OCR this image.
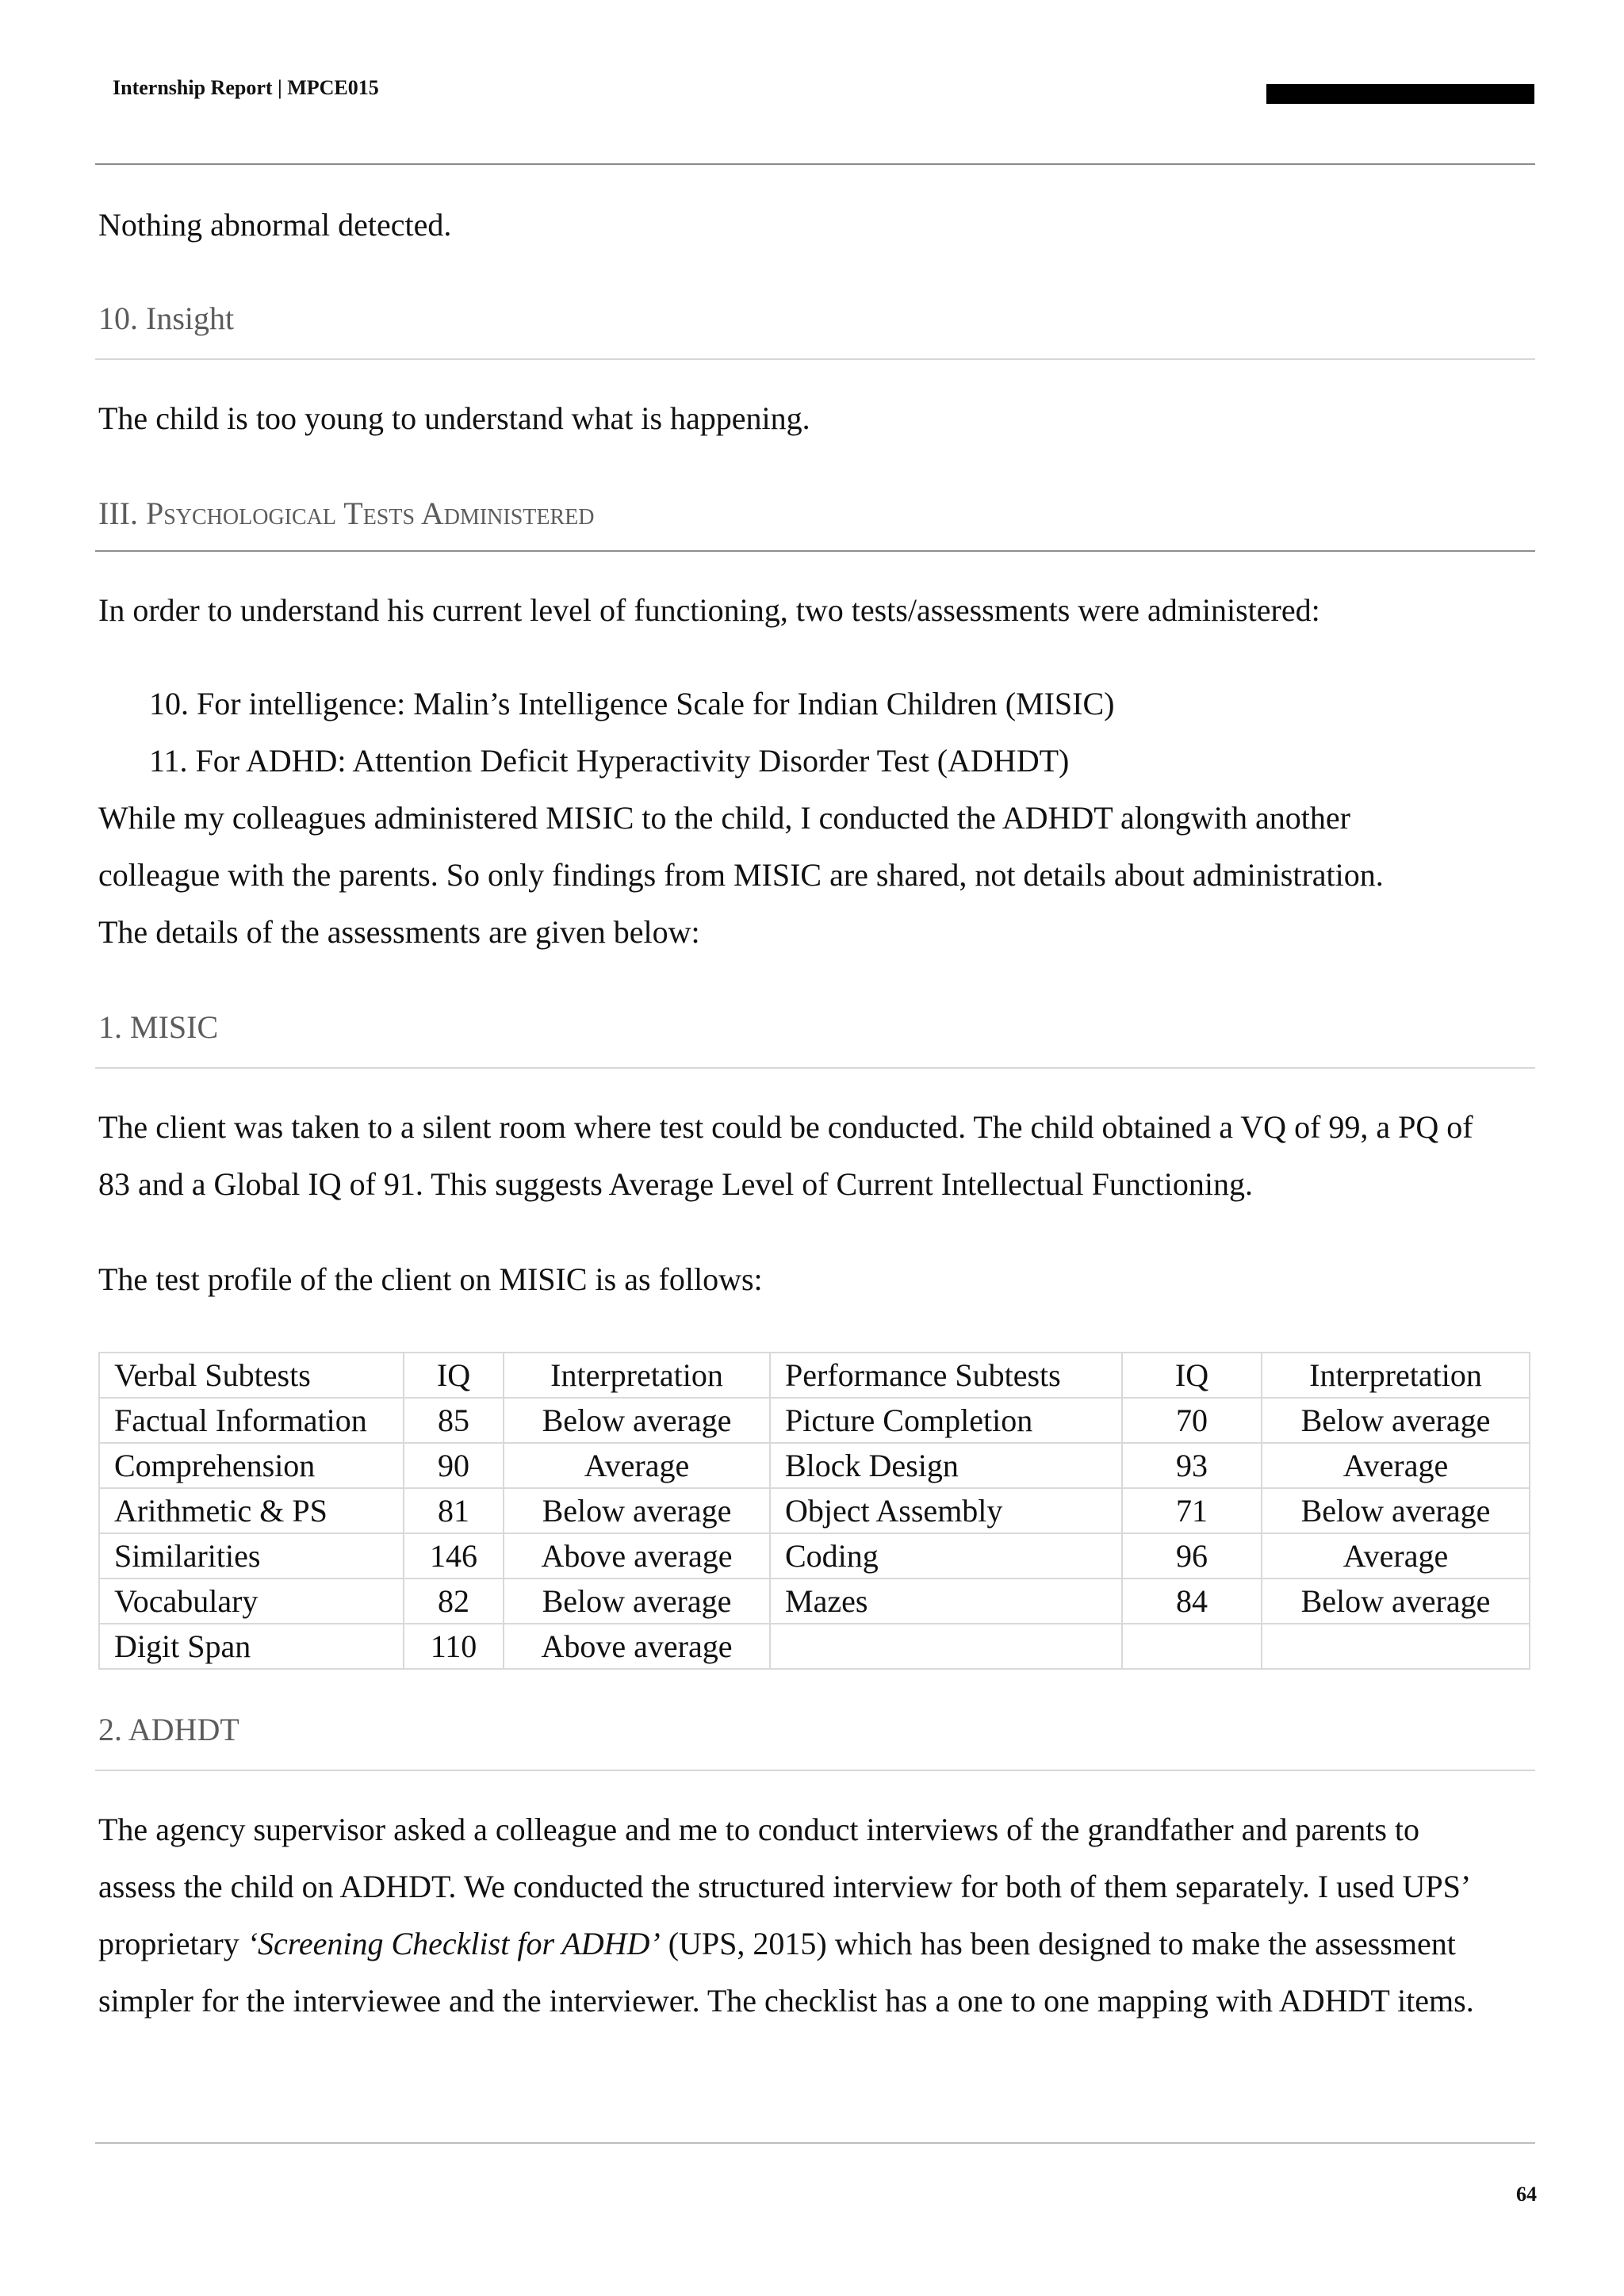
Internship Report | MPCE015

Nothing abnormal detected.

10. Insight

The child is too young to understand what is happening.

III. Psychological Tests Administered

In order to understand his current level of functioning, two tests/assessments were administered:

10. For intelligence: Malin’s Intelligence Scale for Indian Children (MISIC)

11. For ADHD: Attention Deficit Hyperactivity Disorder Test (ADHDT)

While my colleagues administered MISIC to the child, I conducted the ADHDT alongwith another

colleague with the parents. So only findings from MISIC are shared, not details about administration.

The details of the assessments are given below:

1. MISIC

The client was taken to a silent room where test could be conducted. The child obtained a VQ of 99, a PQ of

83 and a Global IQ of 91. This suggests Average Level of Current Intellectual Functioning.

The test profile of the client on MISIC is as follows:

Verbal Subtests	IQ	Interpretation	Performance Subtests	IQ	Interpretation
Factual Information	85	Below average	Picture Completion	70	Below average
Comprehension	90	Average	Block Design	93	Average
Arithmetic & PS	81	Below average	Object Assembly	71	Below average
Similarities	146	Above average	Coding	96	Average
Vocabulary	82	Below average	Mazes	84	Below average
Digit Span	110	Above average			

2. ADHDT

The agency supervisor asked a colleague and me to conduct interviews of the grandfather and parents to

assess the child on ADHDT. We conducted the structured interview for both of them separately. I used UPS’

proprietary ‘Screening Checklist for ADHD’ (UPS, 2015) which has been designed to make the assessment

simpler for the interviewee and the interviewer. The checklist has a one to one mapping with ADHDT items.

64
